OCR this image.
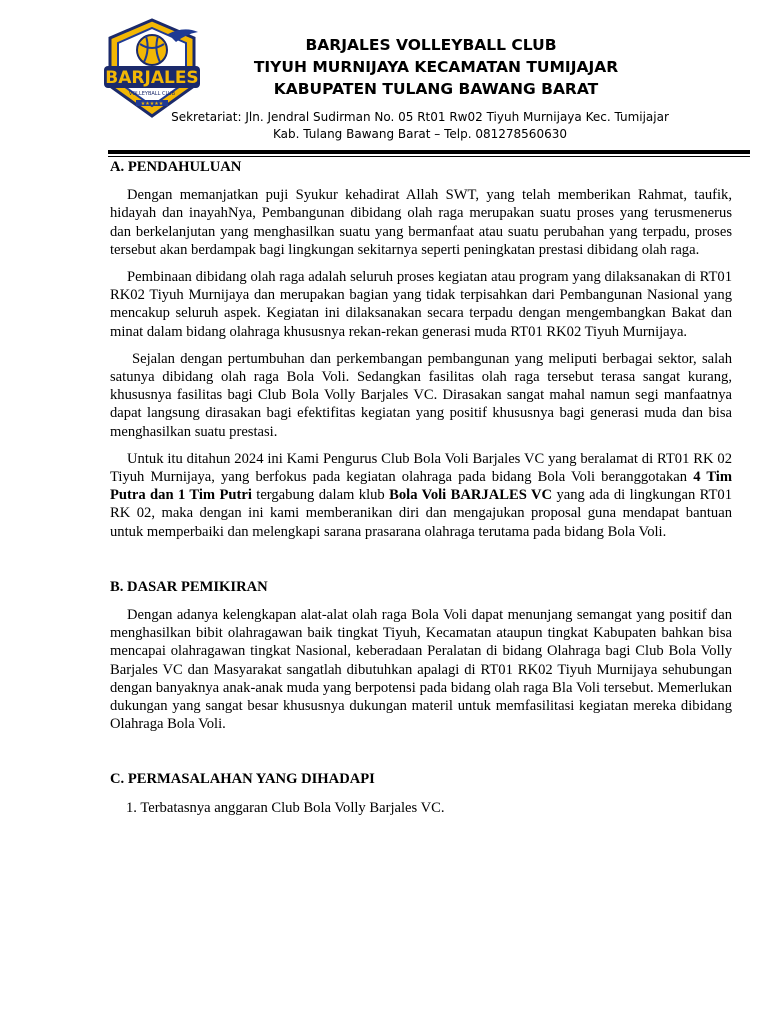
BARJALES
VOLLEYBALL CLUB
★★★★★
BARJALES VOLLEYBALL CLUB
TIYUH MURNIJAYA KECAMATAN TUMIJAJAR
KABUPATEN TULANG BAWANG BARAT
Sekretariat: Jln. Jendral Sudirman No. 05 Rt01 Rw02 Tiyuh Murnijaya Kec. Tumijajar
Kab. Tulang Bawang Barat – Telp. 081278560630

A. PENDAHULUAN

Dengan memanjatkan puji Syukur kehadirat Allah SWT, yang telah memberikan Rahmat, taufik, hidayah dan inayahNya, Pembangunan dibidang olah raga merupakan suatu proses yang terusmenerus dan berkelanjutan yang menghasilkan suatu yang bermanfaat atau suatu perubahan yang terpadu, proses tersebut akan berdampak bagi lingkungan sekitarnya seperti peningkatan prestasi dibidang olah raga.

Pembinaan dibidang olah raga adalah seluruh proses kegiatan atau program yang dilaksanakan di RT01 RK02 Tiyuh Murnijaya dan merupakan bagian yang tidak terpisahkan dari Pembangunan Nasional yang mencakup seluruh aspek. Kegiatan ini dilaksanakan secara terpadu dengan mengembangkan Bakat dan minat dalam bidang olahraga khususnya rekan-rekan generasi muda RT01 RK02 Tiyuh Murnijaya.

Sejalan dengan pertumbuhan dan perkembangan pembangunan yang meliputi berbagai sektor, salah satunya dibidang olah raga Bola Voli. Sedangkan fasilitas olah raga tersebut terasa sangat kurang, khususnya fasilitas bagi Club Bola Volly Barjales VC. Dirasakan sangat mahal namun segi manfaatnya dapat langsung dirasakan bagi efektifitas kegiatan yang positif khususnya bagi generasi muda dan bisa menghasilkan suatu prestasi.

Untuk itu ditahun 2024 ini Kami Pengurus Club Bola Voli Barjales VC yang beralamat di RT01 RK 02 Tiyuh Murnijaya, yang berfokus pada kegiatan olahraga pada bidang Bola Voli beranggotakan 4 Tim Putra dan 1 Tim Putri tergabung dalam klub Bola Voli BARJALES VC yang ada di lingkungan RT01 RK 02, maka dengan ini kami memberanikan diri dan mengajukan proposal guna mendapat bantuan untuk memperbaiki dan melengkapi sarana prasarana olahraga terutama pada bidang Bola Voli.

B. DASAR PEMIKIRAN

Dengan adanya kelengkapan alat-alat olah raga Bola Voli dapat menunjang semangat yang positif dan menghasilkan bibit olahragawan baik tingkat Tiyuh, Kecamatan ataupun tingkat Kabupaten bahkan bisa mencapai olahragawan tingkat Nasional, keberadaan Peralatan di bidang Olahraga bagi Club Bola Volly Barjales VC dan Masyarakat sangatlah dibutuhkan apalagi di RT01 RK02 Tiyuh Murnijaya sehubungan dengan banyaknya anak-anak muda yang berpotensi pada bidang olah raga Bla Voli tersebut. Memerlukan dukungan yang sangat besar khususnya dukungan materil untuk memfasilitasi kegiatan mereka dibidang Olahraga Bola Voli.

C. PERMASALAHAN YANG DIHADAPI

1. Terbatasnya anggaran Club Bola Volly Barjales VC.
